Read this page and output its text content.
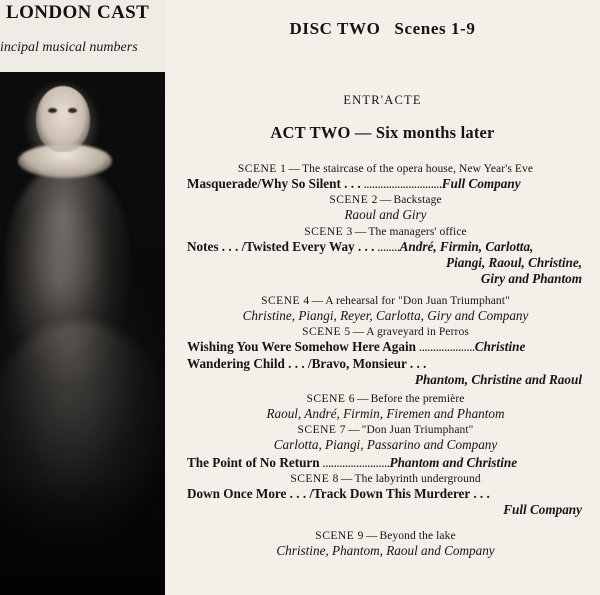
LONDON CAST
incipal musical numbers
DISC TWO Scenes 1-9
ENTR'ACTE
ACT TWO — Six months later
SCENE 1 — The staircase of the opera house, New Year's Eve
Masquerade/Why So Silent . . . ............................Full Company
SCENE 2 — Backstage
Raoul and Giry
SCENE 3 — The managers' office
Notes . . . /Twisted Every Way . . . ........André, Firmin, Carlotta,
Piangi, Raoul, Christine,
Giry and Phantom
SCENE 4 — A rehearsal for "Don Juan Triumphant"
Christine, Piangi, Reyer, Carlotta, Giry and Company
SCENE 5 — A graveyard in Perros
Wishing You Were Somehow Here Again ....................Christine
Wandering Child . . . /Bravo, Monsieur . . .
Phantom, Christine and Raoul
SCENE 6 — Before the première
Raoul, André, Firmin, Firemen and Phantom
SCENE 7 — "Don Juan Triumphant"
Carlotta, Piangi, Passarino and Company
The Point of No Return ........................Phantom and Christine
SCENE 8 — The labyrinth underground
Down Once More . . . /Track Down This Murderer . . .
Full Company
SCENE 9 — Beyond the lake
Christine, Phantom, Raoul and Company
